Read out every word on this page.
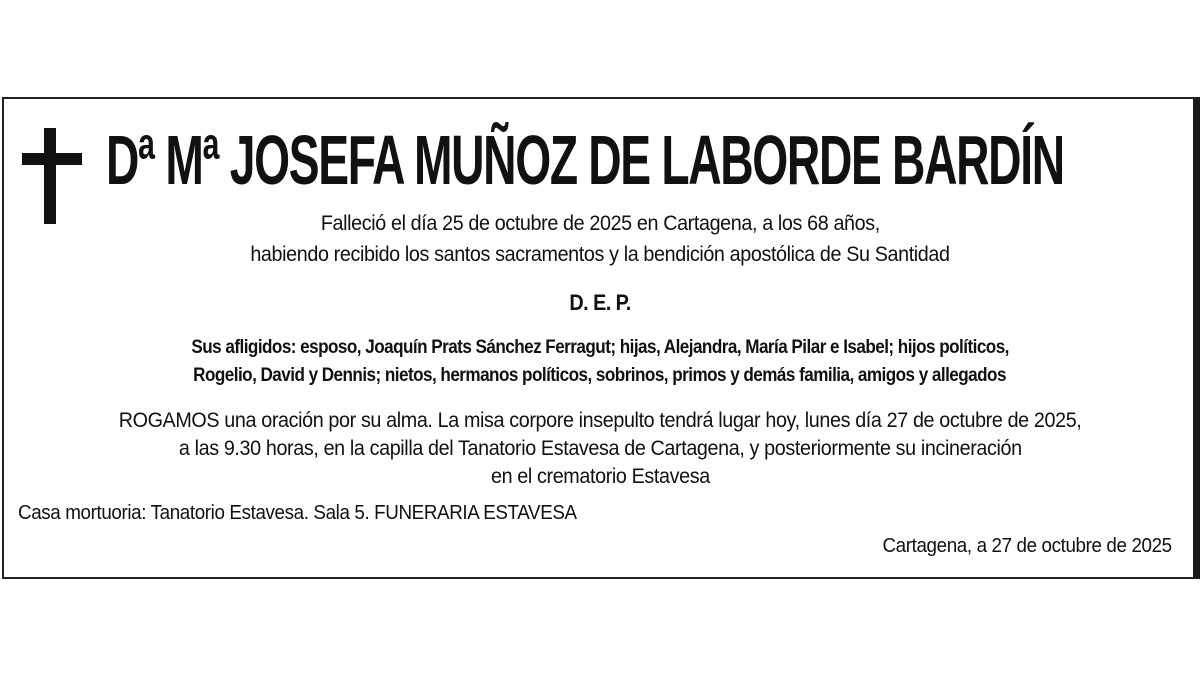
Dª Mª JOSEFA MUÑOZ DE LABORDE BARDÍN
Falleció el día 25 de octubre de 2025 en Cartagena, a los 68 años,
habiendo recibido los santos sacramentos y la bendición apostólica de Su Santidad
D. E. P.
Sus afligidos: esposo, Joaquín Prats Sánchez Ferragut; hijas, Alejandra, María Pilar e Isabel; hijos políticos,
Rogelio, David y Dennis; nietos, hermanos políticos, sobrinos, primos y demás familia, amigos y allegados
ROGAMOS una oración por su alma. La misa corpore insepulto tendrá lugar hoy, lunes día 27 de octubre de 2025,
a las 9.30 horas, en la capilla del Tanatorio Estavesa de Cartagena, y posteriormente su incineración
en el crematorio Estavesa
Casa mortuoria: Tanatorio Estavesa. Sala 5. FUNERARIA ESTAVESA
Cartagena, a 27 de octubre de 2025
